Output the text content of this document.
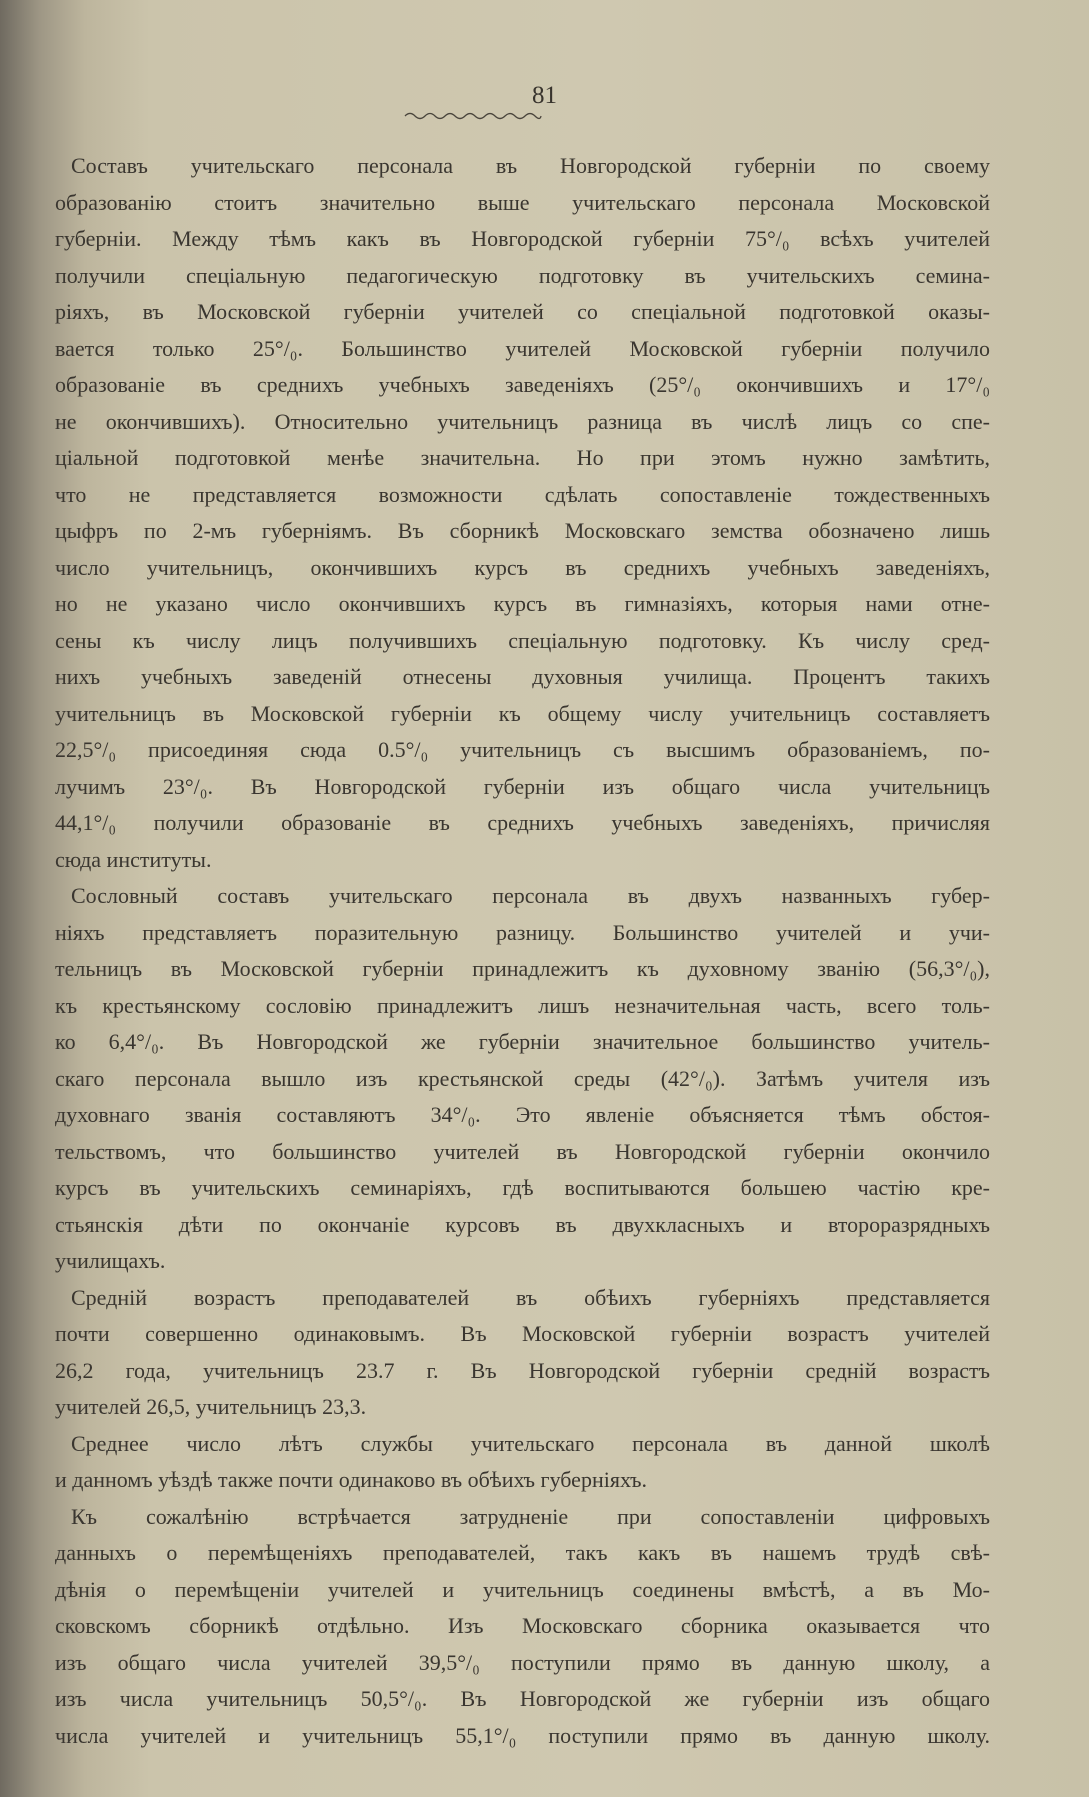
81
Составъ учительскаго персонала въ Новгородской губерніи по своему
образованію стоитъ значительно выше учительскаго персонала Московской
губерніи. Между тѣмъ какъ въ Новгородской губерніи 75°/₀ всѣхъ учителей
получили спеціальную педагогическую подготовку въ учительскихъ семина-
ріяхъ, въ Московской губерніи учителей со спеціальной подготовкой оказы-
вается только 25°/₀. Большинство учителей Московской губерніи получило
образованіе въ среднихъ учебныхъ заведеніяхъ (25°/₀ окончившихъ и 17°/₀
не окончившихъ). Относительно учительницъ разница въ числѣ лицъ со спе-
ціальной подготовкой менѣе значительна. Но при этомъ нужно замѣтить,
что не представляется возможности сдѣлать сопоставленіе тождественныхъ
цыфръ по 2-мъ губерніямъ. Въ сборникѣ Московскаго земства обозначено лишь
число учительницъ, окончившихъ курсъ въ среднихъ учебныхъ заведеніяхъ,
но не указано число окончившихъ курсъ въ гимназіяхъ, которыя нами отне-
сены къ числу лицъ получившихъ спеціальную подготовку. Къ числу сред-
нихъ учебныхъ заведеній отнесены духовныя училища. Процентъ такихъ
учительницъ въ Московской губерніи къ общему числу учительницъ составляетъ
22,5°/₀ присоединяя сюда 0.5°/₀ учительницъ съ высшимъ образованіемъ, по-
лучимъ 23°/₀. Въ Новгородской губерніи изъ общаго числа учительницъ
44,1°/₀ получили образованіе въ среднихъ учебныхъ заведеніяхъ, причисляя
сюда институты.
Сословный составъ учительскаго персонала въ двухъ названныхъ губер-
ніяхъ представляетъ поразительную разницу. Большинство учителей и учи-
тельницъ въ Московской губерніи принадлежитъ къ духовному званію (56,3°/₀),
къ крестьянскому сословію принадлежитъ лишъ незначительная часть, всего толь-
ко 6,4°/₀. Въ Новгородской же губерніи значительное большинство учитель-
скаго персонала вышло изъ крестьянской среды (42°/₀). Затѣмъ учителя изъ
духовнаго званія составляютъ 34°/₀. Это явленіе объясняется тѣмъ обстоя-
тельствомъ, что большинство учителей въ Новгородской губерніи окончило
курсъ въ учительскихъ семинаріяхъ, гдѣ воспитываются большею частію кре-
стьянскія дѣти по окончаніе курсовъ въ двухкласныхъ и второразрядныхъ
училищахъ.
Средній возрастъ преподавателей въ обѣихъ губерніяхъ представляется
почти совершенно одинаковымъ. Въ Московской губерніи возрастъ учителей
26,2 года, учительницъ 23.7 г. Въ Новгородской губерніи средній возрастъ
учителей 26,5, учительницъ 23,3.
Среднее число лѣтъ службы учительскаго персонала въ данной школѣ
и данномъ уѣздѣ также почти одинаково въ обѣихъ губерніяхъ.
Къ сожалѣнію встрѣчается затрудненіе при сопоставленіи цифровыхъ
данныхъ о перемѣщеніяхъ преподавателей, такъ какъ въ нашемъ трудѣ свѣ-
дѣнія о перемѣщеніи учителей и учительницъ соединены вмѣстѣ, а въ Мо-
сковскомъ сборникѣ отдѣльно. Изъ Московскаго сборника оказывается что
изъ общаго числа учителей 39,5°/₀ поступили прямо въ данную школу, а
изъ числа учительницъ 50,5°/₀. Въ Новгородской же губерніи изъ общаго
числа учителей и учительницъ 55,1°/₀ поступили прямо въ данную школу.
